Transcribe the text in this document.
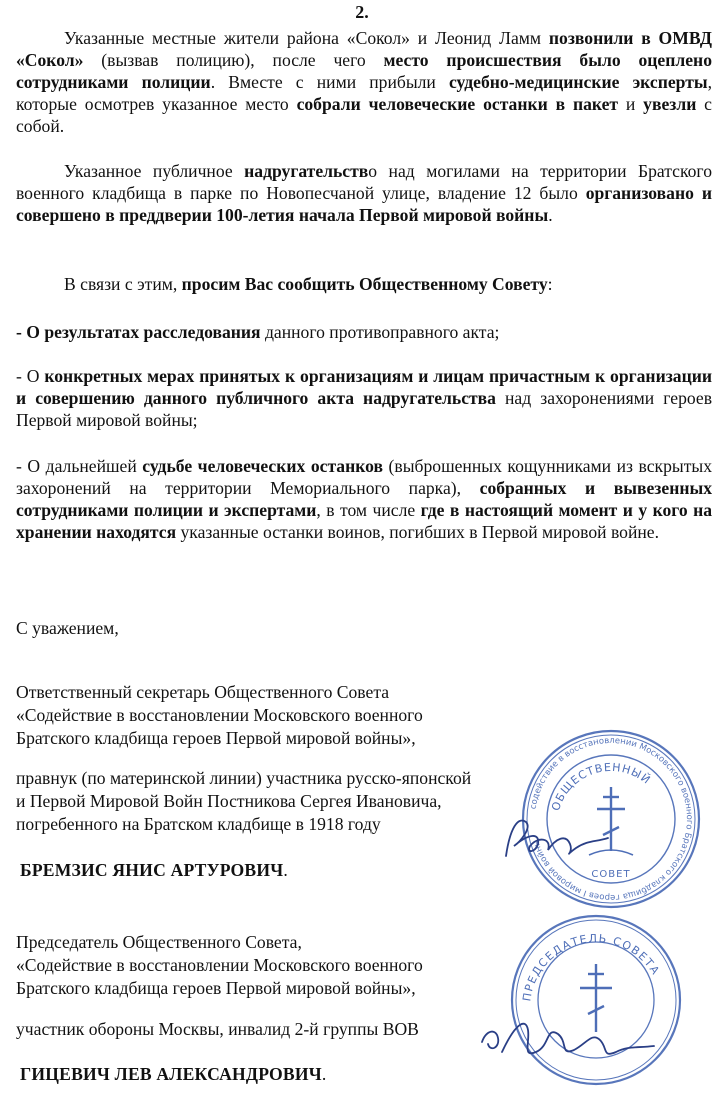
2.
Указанные местные жители района «Сокол» и Леонид Ламм позвонили в ОМВД «Сокол» (вызвав полицию), после чего место происшествия было оцеплено сотрудниками полиции. Вместе с ними прибыли судебно-медицинские эксперты, которые осмотрев указанное место собрали человеческие останки в пакет и увезли с собой.
Указанное публичное надругательство над могилами на территории Братского военного кладбища в парке по Новопесчаной улице, владение 12 было организовано и совершено в преддверии 100-летия начала Первой мировой войны.
В связи с этим, просим Вас сообщить Общественному Совету:
- О результатах расследования данного противоправного акта;
- О конкретных мерах принятых к организациям и лицам причастным к организации и совершению данного публичного акта надругательства над захоронениями героев Первой мировой войны;
- О дальнейшей судьбе человеческих останков (выброшенных кощунниками из вскрытых захоронений на территории Мемориального парка), собранных и вывезенных сотрудниками полиции и экспертами, в том числе где в настоящий момент и у кого на хранении находятся указанные останки воинов, погибших в Первой мировой войне.
С уважением,
Ответственный секретарь Общественного Совета
«Содействие в восстановлении Московского военного
Братского кладбища героев Первой мировой войны»,
правнук (по материнской линии) участника русско-японской
и Первой Мировой Войн Постникова Сергея Ивановича,
погребенного на Братском кладбище в 1918 году
БРЕМЗИС ЯНИС АРТУРОВИЧ.
Председатель Общественного Совета,
«Содействие в восстановлении Московского военного
Братского кладбища героев Первой мировой войны»,
участник обороны Москвы, инвалид 2-й группы ВОВ
ГИЦЕВИЧ ЛЕВ АЛЕКСАНДРОВИЧ.
содействие в восстановлении Московского военного Братского кладбища героев I мировой войны
ОБЩЕСТВЕННЫЙ
СОВЕТ
ПРЕДСЕДАТЕЛЬ СОВЕТА
